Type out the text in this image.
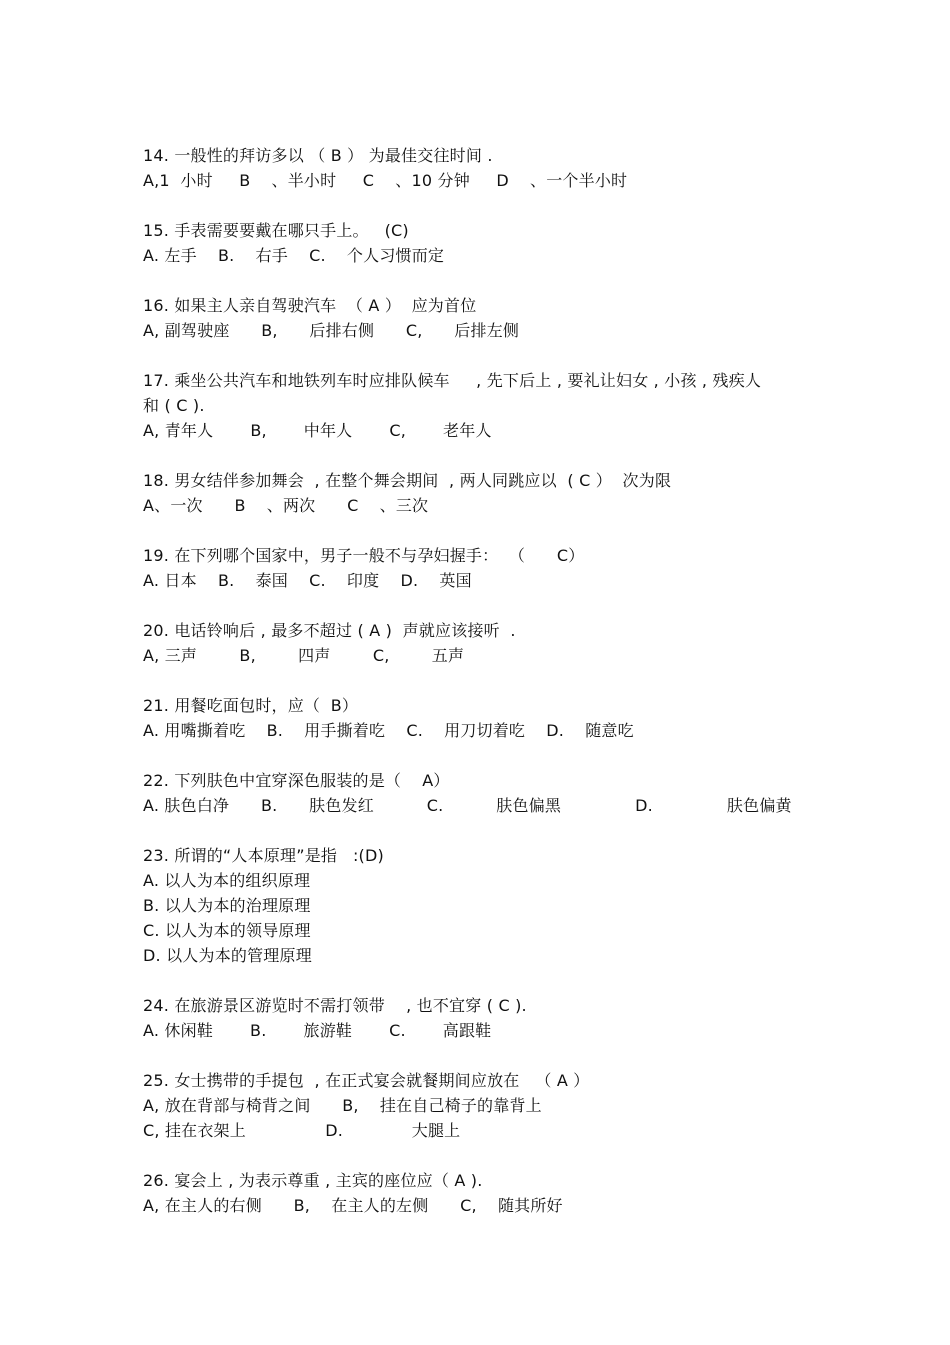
14. 一般性的拜访多以 （ B ） 为最佳交往时间 .
A,1  小时     B    、半小时     C    、10 分钟     D    、一个半小时
15. 手表需要要戴在哪只手上。   (C)
A. 左手    B.    右手    C.    个人习惯而定
16. 如果主人亲自驾驶汽车  （ A ）  应为首位
A, 副驾驶座      B,      后排右侧      C,      后排左侧
17. 乘坐公共汽车和地铁列车时应排队候车     , 先下后上 , 要礼让妇女 , 小孩 , 残疾人
和 ( C ).
A, 青年人       B,       中年人       C,       老年人
18. 男女结伴参加舞会  , 在整个舞会期间  , 两人同跳应以  ( C ）  次为限
A、一次      B    、两次      C    、三次
19. 在下列哪个国家中，男子一般不与孕妇握手：  （      C）
A. 日本    B.    泰国    C.    印度    D.    英国
20. 电话铃响后 , 最多不超过 ( A )  声就应该接听  .
A, 三声        B,        四声        C,        五声
21. 用餐吃面包时，应（  B）
A. 用嘴撕着吃    B.    用手撕着吃    C.    用刀切着吃    D.    随意吃
22. 下列肤色中宜穿深色服装的是（    A）
A. 肤色白净      B.      肤色发红          C.          肤色偏黑              D.              肤色偏黄
23. 所谓的“人本原理”是指   :(D)
A. 以人为本的组织原理
B. 以人为本的治理原理
C. 以人为本的领导原理
D. 以人为本的管理原理
24. 在旅游景区游览时不需打领带    , 也不宜穿 ( C ).
A. 休闲鞋       B.       旅游鞋       C.       高跟鞋
25. 女士携带的手提包  , 在正式宴会就餐期间应放在   （ A ）
A, 放在背部与椅背之间      B,    挂在自己椅子的靠背上
C, 挂在衣架上               D.             大腿上
26. 宴会上 , 为表示尊重 , 主宾的座位应（ A ).
A, 在主人的右侧      B,    在主人的左侧      C,    随其所好
